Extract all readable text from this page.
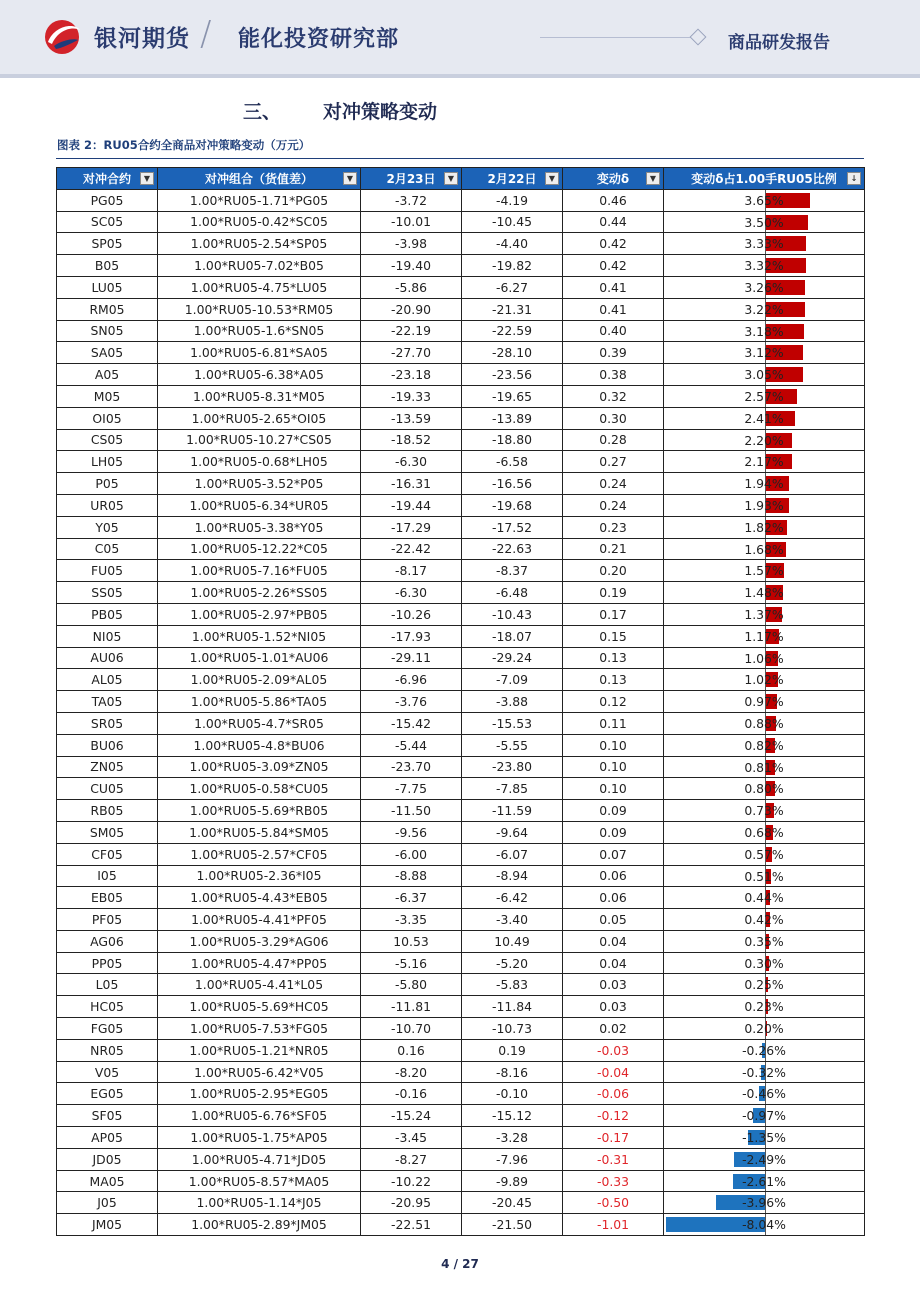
银河期货 / 能化投资研究部	商品研发报告
三、 对冲策略变动
图表 2：RU05合约全商品对冲策略变动（万元）
对冲合约 ▼	对冲组合（货值差） ▼	2月23日 ▼	2月22日 ▼	变动δ ▼	变动δ占1.00手RU05比例 ↓

PG05	1.00*RU05-1.71*PG05	-3.72	-4.19	0.46	3.65%

SC05	1.00*RU05-0.42*SC05	-10.01	-10.45	0.44	3.50%

SP05	1.00*RU05-2.54*SP05	-3.98	-4.40	0.42	3.33%

B05	1.00*RU05-7.02*B05	-19.40	-19.82	0.42	3.32%

LU05	1.00*RU05-4.75*LU05	-5.86	-6.27	0.41	3.26%

RM05	1.00*RU05-10.53*RM05	-20.90	-21.31	0.41	3.22%

SN05	1.00*RU05-1.6*SN05	-22.19	-22.59	0.40	3.18%

SA05	1.00*RU05-6.81*SA05	-27.70	-28.10	0.39	3.12%

A05	1.00*RU05-6.38*A05	-23.18	-23.56	0.38	3.05%

M05	1.00*RU05-8.31*M05	-19.33	-19.65	0.32	2.57%

OI05	1.00*RU05-2.65*OI05	-13.59	-13.89	0.30	2.41%

CS05	1.00*RU05-10.27*CS05	-18.52	-18.80	0.28	2.20%

LH05	1.00*RU05-0.68*LH05	-6.30	-6.58	0.27	2.17%

P05	1.00*RU05-3.52*P05	-16.31	-16.56	0.24	1.94%

UR05	1.00*RU05-6.34*UR05	-19.44	-19.68	0.24	1.93%

Y05	1.00*RU05-3.38*Y05	-17.29	-17.52	0.23	1.82%

C05	1.00*RU05-12.22*C05	-22.42	-22.63	0.21	1.68%

FU05	1.00*RU05-7.16*FU05	-8.17	-8.37	0.20	1.57%

SS05	1.00*RU05-2.26*SS05	-6.30	-6.48	0.19	1.48%

PB05	1.00*RU05-2.97*PB05	-10.26	-10.43	0.17	1.37%

NI05	1.00*RU05-1.52*NI05	-17.93	-18.07	0.15	1.17%

AU06	1.00*RU05-1.01*AU06	-29.11	-29.24	0.13	1.06%

AL05	1.00*RU05-2.09*AL05	-6.96	-7.09	0.13	1.02%

TA05	1.00*RU05-5.86*TA05	-3.76	-3.88	0.12	0.97%

SR05	1.00*RU05-4.7*SR05	-15.42	-15.53	0.11	0.88%

BU06	1.00*RU05-4.8*BU06	-5.44	-5.55	0.10	0.82%

ZN05	1.00*RU05-3.09*ZN05	-23.70	-23.80	0.10	0.81%

CU05	1.00*RU05-0.58*CU05	-7.75	-7.85	0.10	0.80%

RB05	1.00*RU05-5.69*RB05	-11.50	-11.59	0.09	0.73%

SM05	1.00*RU05-5.84*SM05	-9.56	-9.64	0.09	0.68%

CF05	1.00*RU05-2.57*CF05	-6.00	-6.07	0.07	0.57%

I05	1.00*RU05-2.36*I05	-8.88	-8.94	0.06	0.51%

EB05	1.00*RU05-4.43*EB05	-6.37	-6.42	0.06	0.44%

PF05	1.00*RU05-4.41*PF05	-3.35	-3.40	0.05	0.42%

AG06	1.00*RU05-3.29*AG06	10.53	10.49	0.04	0.35%

PP05	1.00*RU05-4.47*PP05	-5.16	-5.20	0.04	0.30%

L05	1.00*RU05-4.41*L05	-5.80	-5.83	0.03	0.25%

HC05	1.00*RU05-5.69*HC05	-11.81	-11.84	0.03	0.23%

FG05	1.00*RU05-7.53*FG05	-10.70	-10.73	0.02	0.20%

NR05	1.00*RU05-1.21*NR05	0.16	0.19	-0.03	-0.26%

V05	1.00*RU05-6.42*V05	-8.20	-8.16	-0.04	-0.32%

EG05	1.00*RU05-2.95*EG05	-0.16	-0.10	-0.06	-0.46%

SF05	1.00*RU05-6.76*SF05	-15.24	-15.12	-0.12	-0.97%

AP05	1.00*RU05-1.75*AP05	-3.45	-3.28	-0.17	-1.35%

JD05	1.00*RU05-4.71*JD05	-8.27	-7.96	-0.31	-2.49%

MA05	1.00*RU05-8.57*MA05	-10.22	-9.89	-0.33	-2.61%

J05	1.00*RU05-1.14*J05	-20.95	-20.45	-0.50	-3.96%

JM05	1.00*RU05-2.89*JM05	-22.51	-21.50	-1.01	-8.04%
4 / 27
